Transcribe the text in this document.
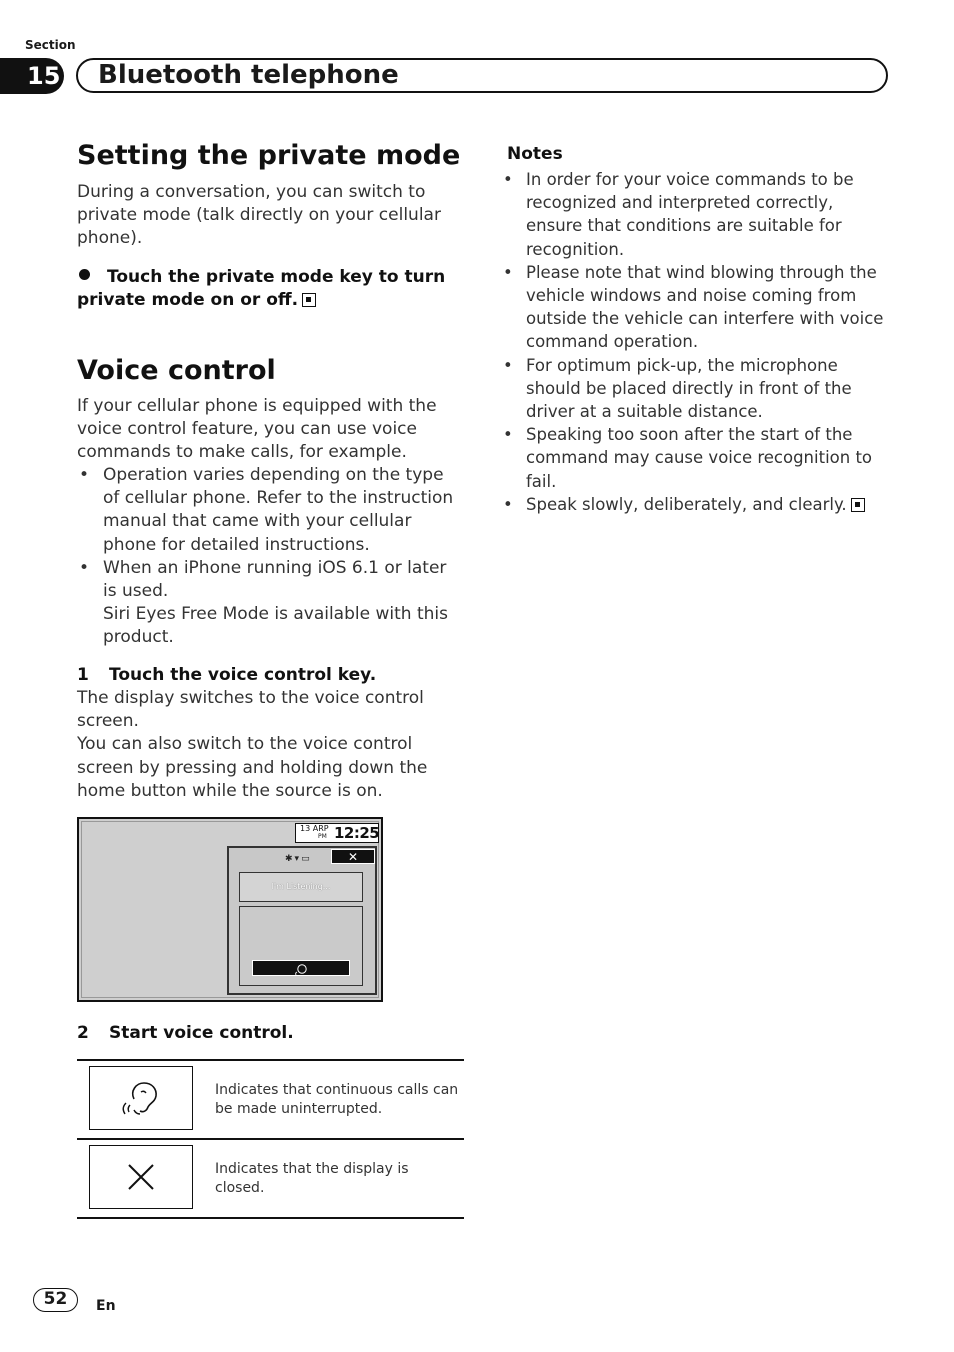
Section
15	Bluetooth telephone
Setting the private mode
During a conversation, you can switch to private mode (talk directly on your cellular phone).
Touch the private mode key to turn private mode on or off.
Voice control
If your cellular phone is equipped with the voice control feature, you can use voice commands to make calls, for example.
• Operation varies depending on the type of cellular phone. Refer to the instruction manual that came with your cellular phone for detailed instructions.
• When an iPhone running iOS 6.1 or later is used.
Siri Eyes Free Mode is available with this product.
1 Touch the voice control key.
The display switches to the voice control screen.
You can also switch to the voice control screen by pressing and holding down the home button while the source is on.
13 ARP
PM 12:25
✱▾▭	✕
I'm Listening...
2 Start voice control.
Indicates that continuous calls can be made uninterrupted.
Indicates that the display is closed.
Notes
• In order for your voice commands to be recognized and interpreted correctly, ensure that conditions are suitable for recognition.
• Please note that wind blowing through the vehicle windows and noise coming from outside the vehicle can interfere with voice command operation.
• For optimum pick-up, the microphone should be placed directly in front of the driver at a suitable distance.
• Speaking too soon after the start of the command may cause voice recognition to fail.
• Speak slowly, deliberately, and clearly.
52	En
